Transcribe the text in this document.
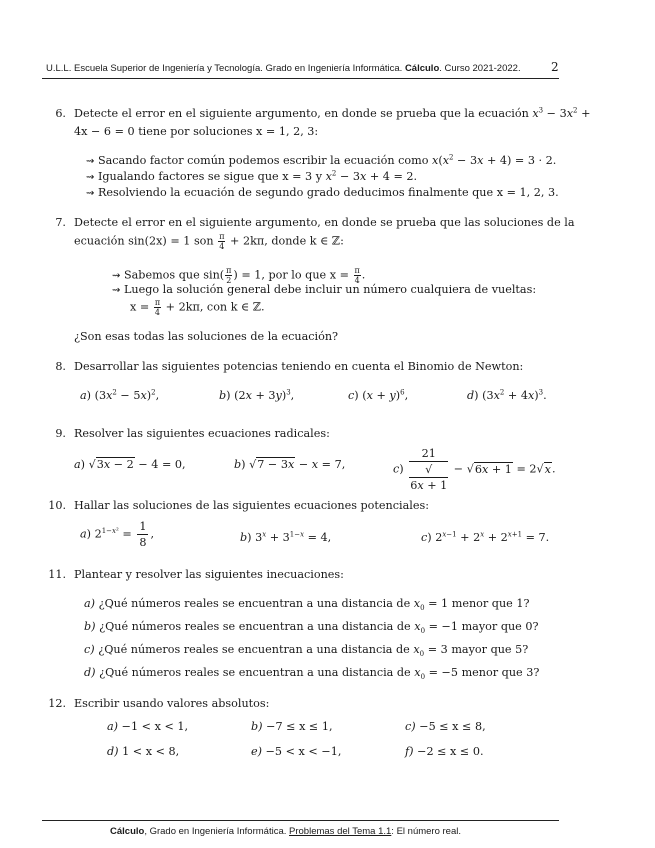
U.L.L. Escuela Superior de Ingeniería y Tecnología. Grado en Ingeniería Informática. Cálculo. Curso 2021-2022.	2
6. Detecte el error en el siguiente argumento, en donde se prueba que la ecuación $x^3 - 3x^2$ +
4x − 6 = 0 tiene por soluciones x = 1, 2, 3:
⇝ Sacando factor común podemos escribir la ecuación como $x(x^2 - 3x + 4) = 3 \cdot 2$.
⇝ Igualando factores se sigue que x = 3 y $x^2 - 3x + 4 = 2$.
⇝ Resolviendo la ecuación de segundo grado deducimos finalmente que x = 1, 2, 3.
7. Detecte el error en el siguiente argumento, en donde se prueba que las soluciones de la
ecuación sin(2x) = 1 son $\frac{\pi}{4} + 2k\pi$, donde k ∈ ℤ:
⇝ Sabemos que $\sin( \frac{\pi}{2}$ ) = 1, por lo que $x = \frac{\pi}{4}$ .
⇝ Luego la solución general debe incluir un número cualquiera de vueltas:
$x = \frac{\pi}{4} + 2k\pi$, con k ∈ ℤ.
¿Son esas todas las soluciones de la ecuación?
8. Desarrollar las siguientes potencias teniendo en cuenta el Binomio de Newton:
a) $(3x^2 - 5x)^2$,	b) $(2x + 3y)^3$,	c) $(x + y)^6$,	d) $(3x^2 + 4x)^3$.
9. Resolver las siguientes ecuaciones radicales:
a) √3x − 2 − 4 = 0,	b) √7 − 3x − x = 7,	c) 21
√
6x + 1 − √6x + 1 = 2√x.
10. Hallar las soluciones de las siguientes ecuaciones potenciales:
a) $2^{1-x^2} = \frac{1}{8}$ ,	b) $3^x + 3^{1-x} = 4$,	c) $2^{x-1} + 2^x + 2^{x+1} = 7$.
11. Plantear y resolver las siguientes inecuaciones:
a) ¿Qué números reales se encuentran a una distancia de $x_0 = 1$ menor que 1?
b) ¿Qué números reales se encuentran a una distancia de $x_0 = -1$ mayor que 0?
c) ¿Qué números reales se encuentran a una distancia de $x_0 = 3$ mayor que 5?
d) ¿Qué números reales se encuentran a una distancia de $x_0 = -5$ menor que 3?
12. Escribir usando valores absolutos:
a) −1 < x < 1,	b) −7 ≤ x ≤ 1,	c) −5 ≤ x ≤ 8,
d) 1 < x < 8,	e) −5 < x < −1,	f) −2 ≤ x ≤ 0.
Cálculo, Grado en Ingeniería Informática. Problemas del Tema 1.1: El número real.
